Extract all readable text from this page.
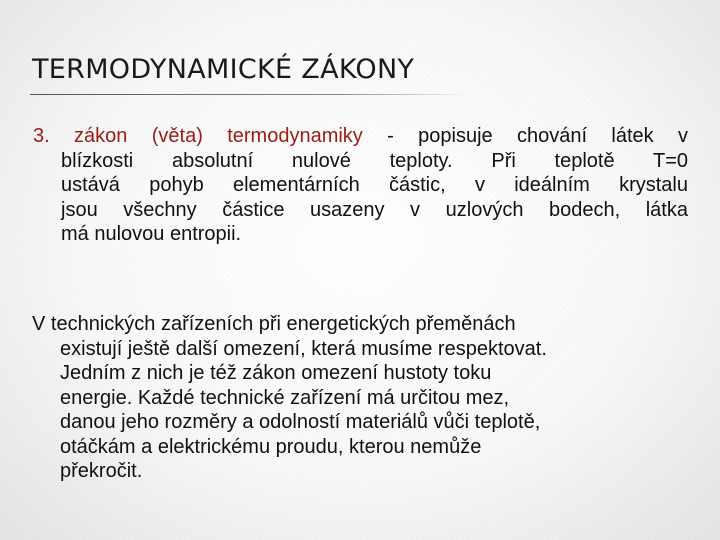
TERMODYNAMICKÉ ZÁKONY
3. zákon (věta) termodynamiky - popisuje chování látek v
blízkosti absolutní nulové teploty. Při teplotě T=0
ustává pohyb elementárních částic, v ideálním krystalu
jsou všechny částice usazeny v uzlových bodech, látka
má nulovou entropii.
V technických zařízeních při energetických přeměnách
existují ještě další omezení, která musíme respektovat.
Jedním z nich je též zákon omezení hustoty toku
energie. Každé technické zařízení má určitou mez,
danou jeho rozměry a odolností materiálů vůči teplotě,
otáčkám a elektrickému proudu, kterou nemůže
překročit.
